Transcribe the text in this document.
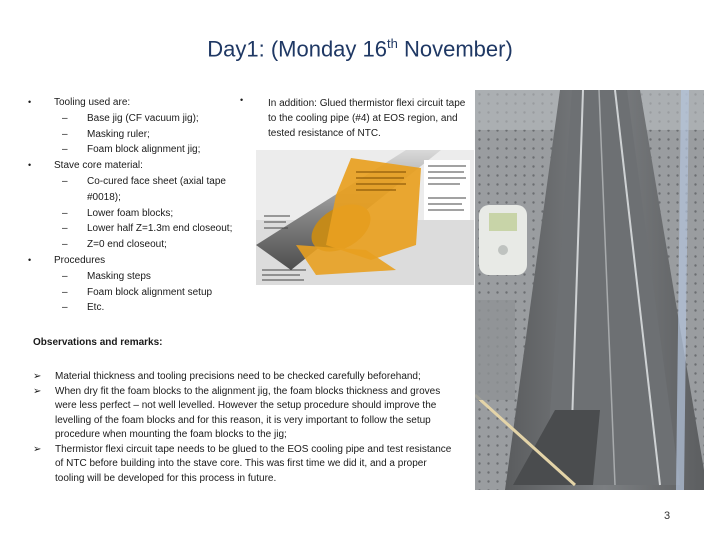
Day1: (Monday 16th November)
• Tooling used are:
– Base jig (CF vacuum jig);
– Masking ruler;
– Foam block alignment jig;
• Stave core material:
– Co-cured face sheet (axial tape #0018);
– Lower foam blocks;
– Lower half Z=1.3m end closeout;
– Z=0 end closeout;
• Procedures
– Masking steps
– Foam block alignment setup
– Etc.
• In addition: Glued thermistor flexi circuit tape to the cooling pipe (#4) at EOS region, and tested resistance of NTC.
Observations and remarks:
➢ Material thickness and tooling precisions need to be checked carefully beforehand;
➢ When dry fit the foam blocks to the alignment jig, the foam blocks thickness and groves were less perfect – not well levelled. However the setup procedure should improve the levelling of the foam blocks and for this reason, it is very important to follow the setup procedure when mounting the foam blocks to the jig;
➢ Thermistor flexi circuit tape needs to be glued to the EOS cooling pipe and test resistance of NTC before building into the stave core. This was first time we did it, and a proper tooling will be developed for this process in future.
3
